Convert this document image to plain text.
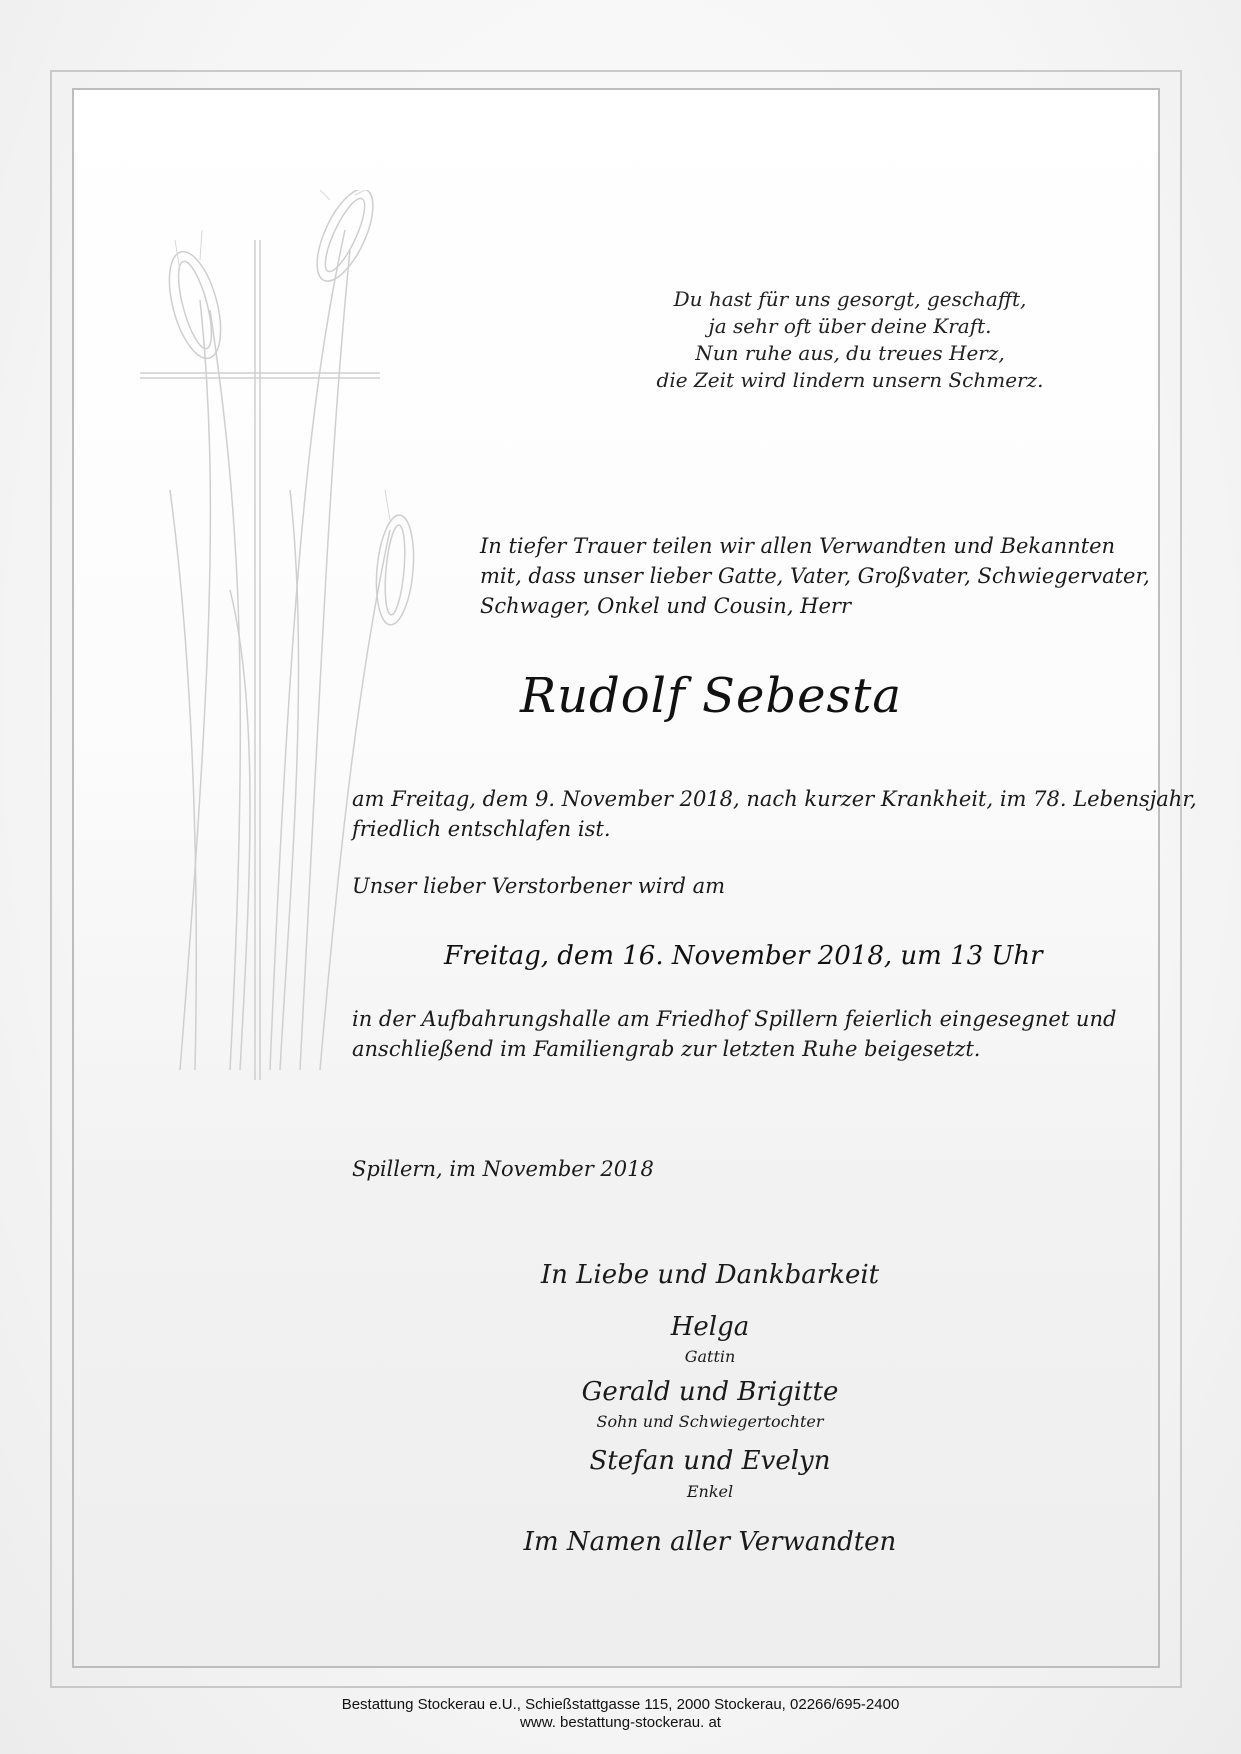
Du hast für uns gesorgt, geschafft,
ja sehr oft über deine Kraft.
Nun ruhe aus, du treues Herz,
die Zeit wird lindern unsern Schmerz.
In tiefer Trauer teilen wir allen Verwandten und Bekannten
mit, dass unser lieber Gatte, Vater, Großvater, Schwiegervater,
Schwager, Onkel und Cousin, Herr
Rudolf Sebesta
am Freitag, dem 9. November 2018, nach kurzer Krankheit, im 78. Lebensjahr,
friedlich entschlafen ist.
Unser lieber Verstorbener wird am
Freitag, dem 16. November 2018, um 13 Uhr
in der Aufbahrungshalle am Friedhof Spillern feierlich eingesegnet und
anschließend im Familiengrab zur letzten Ruhe beigesetzt.
Spillern, im November 2018
In Liebe und Dankbarkeit
Helga
Gattin
Gerald und Brigitte
Sohn und Schwiegertochter
Stefan und Evelyn
Enkel
Im Namen aller Verwandten
Bestattung Stockerau e.U., Schießstattgasse 115, 2000 Stockerau, 02266/695-2400
www. bestattung-stockerau. at
